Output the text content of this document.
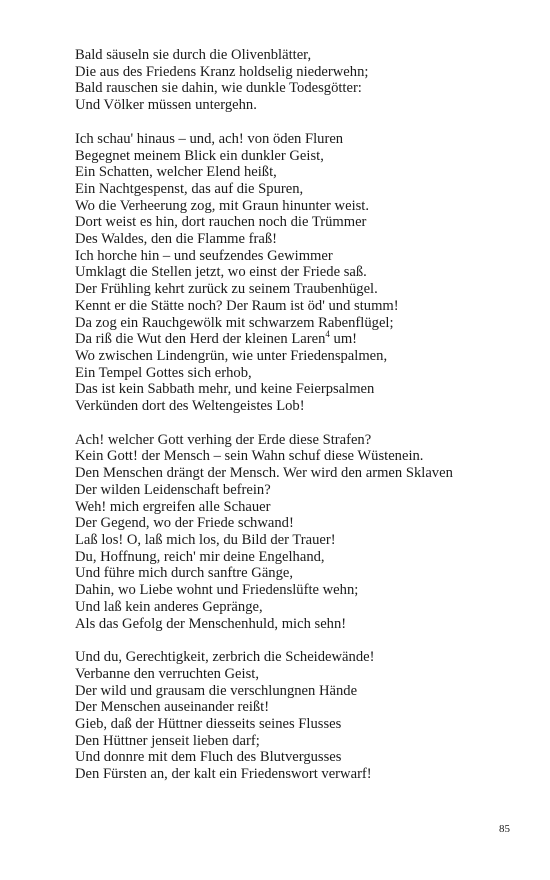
Bald säuseln sie durch die Olivenblätter,
Die aus des Friedens Kranz holdselig niederwehn;
Bald rauschen sie dahin, wie dunkle Todesgötter:
Und Völker müssen untergehn.
Ich schau' hinaus – und, ach! von öden Fluren
Begegnet meinem Blick ein dunkler Geist,
Ein Schatten, welcher Elend heißt,
Ein Nachtgespenst, das auf die Spuren,
Wo die Verheerung zog, mit Graun hinunter weist.
Dort weist es hin, dort rauchen noch die Trümmer
Des Waldes, den die Flamme fraß!
Ich horche hin – und seufzendes Gewimmer
Umklagt die Stellen jetzt, wo einst der Friede saß.
Der Frühling kehrt zurück zu seinem Traubenhügel.
Kennt er die Stätte noch? Der Raum ist öd' und stumm!
Da zog ein Rauchgewölk mit schwarzem Rabenflügel;
Da riß die Wut den Herd der kleinen Laren$^4$ um!
Wo zwischen Lindengrün, wie unter Friedenspalmen,
Ein Tempel Gottes sich erhob,
Das ist kein Sabbath mehr, und keine Feierpsalmen
Verkünden dort des Weltengeistes Lob!
Ach! welcher Gott verhing der Erde diese Strafen?
Kein Gott! der Mensch – sein Wahn schuf diese Wüstenein.
Den Menschen drängt der Mensch. Wer wird den armen Sklaven
Der wilden Leidenschaft befrein?
Weh! mich ergreifen alle Schauer
Der Gegend, wo der Friede schwand!
Laß los! O, laß mich los, du Bild der Trauer!
Du, Hoffnung, reich' mir deine Engelhand,
Und führe mich durch sanftre Gänge,
Dahin, wo Liebe wohnt und Friedenslüfte wehn;
Und laß kein anderes Gepränge,
Als das Gefolg der Menschenhuld, mich sehn!
Und du, Gerechtigkeit, zerbrich die Scheidewände!
Verbanne den verruchten Geist,
Der wild und grausam die verschlungnen Hände
Der Menschen auseinander reißt!
Gieb, daß der Hüttner diesseits seines Flusses
Den Hüttner jenseit lieben darf;
Und donnre mit dem Fluch des Blutvergusses
Den Fürsten an, der kalt ein Friedenswort verwarf!
85
